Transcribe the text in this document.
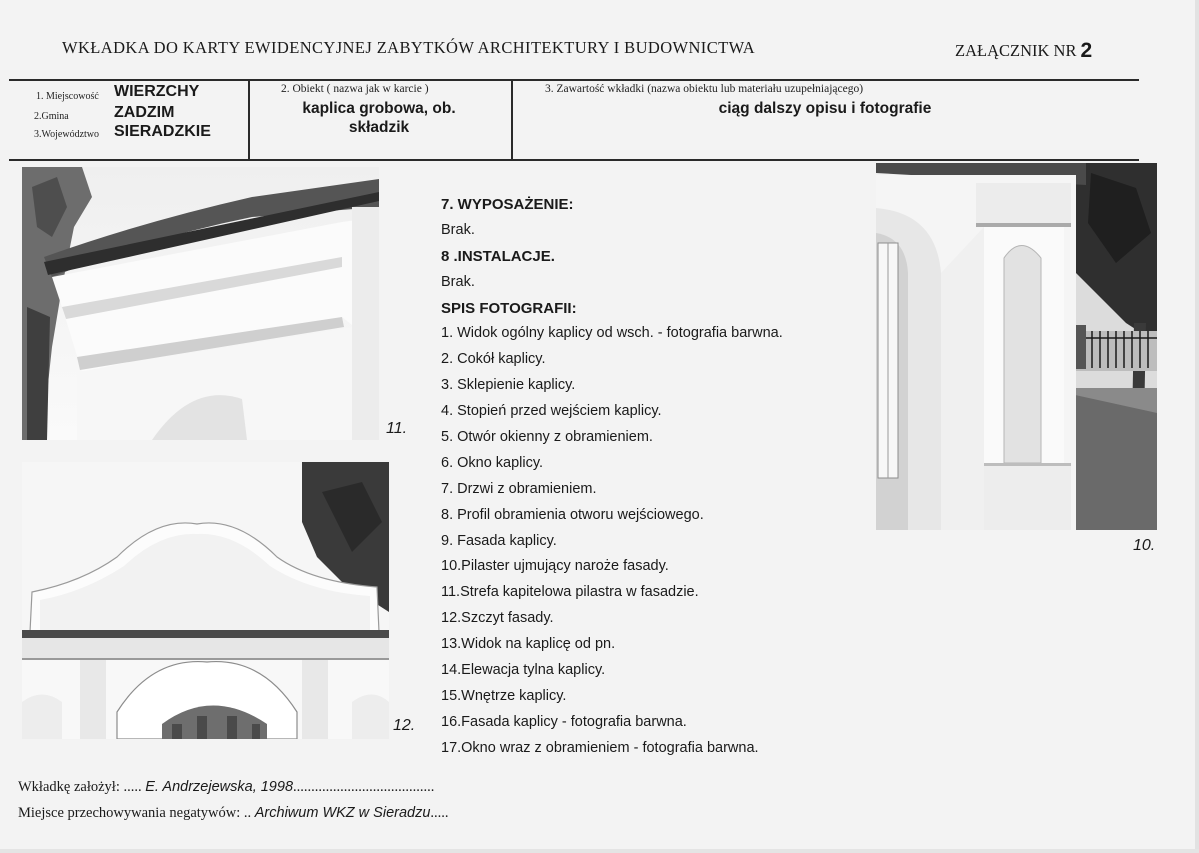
WKŁADKA DO KARTY EWIDENCYJNEJ ZABYTKÓW ARCHITEKTURY I BUDOWNICTWA	ZAŁĄCZNIK NR 2
1. Miejscowość WIERZCHY
2.Gmina	ZADZIM
3.Województwo SIERADZKIE
2. Obiekt ( nazwa jak w karcie )
kaplica grobowa, ob.
składzik
3. Zawartość wkładki (nazwa obiektu lub materiału uzupełniającego)
ciąg dalszy opisu i fotografie
11.
12.
10.
7. WYPOSAŻENIE:
Brak.
8 .INSTALACJE.
Brak.
SPIS FOTOGRAFII:
1. Widok ogólny kaplicy od wsch. - fotografia barwna.
2. Cokół kaplicy.
3. Sklepienie kaplicy.
4. Stopień przed wejściem kaplicy.
5. Otwór okienny z obramieniem.
6. Okno kaplicy.
7. Drzwi z obramieniem.
8. Profil obramienia otworu wejściowego.
9. Fasada kaplicy.
10.Pilaster ujmujący naroże fasady.
11.Strefa kapitelowa pilastra w fasadzie.
12.Szczyt fasady.
13.Widok na kaplicę od pn.
14.Elewacja tylna kaplicy.
15.Wnętrze kaplicy.
16.Fasada kaplicy - fotografia barwna.
17.Okno wraz z obramieniem - fotografia barwna.
Wkładkę założył: ..... E. Andrzejewska, 1998.......................................
Miejsce przechowywania negatywów: .. Archiwum WKZ w Sieradzu.....
